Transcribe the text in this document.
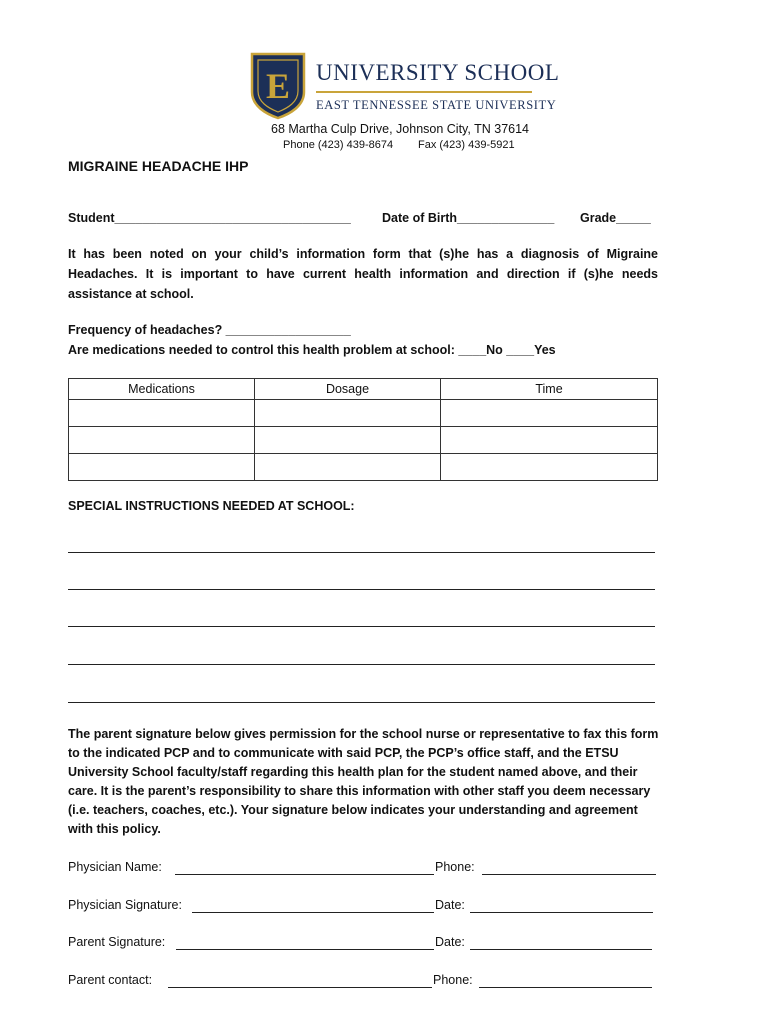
E UNIVERSITY SCHOOL
EAST TENNESSEE STATE UNIVERSITY
68 Martha Culp Drive, Johnson City, TN 37614
Phone (423) 439-8674 Fax (423) 439-5921
MIGRAINE HEADACHE IHP
Student__________________________________ Date of Birth______________ Grade_____
It has been noted on your child’s information form that (s)he has a diagnosis of Migraine Headaches. It is important to have current health information and direction if (s)he needs assistance at school.
Frequency of headaches? __________________
Are medications needed to control this health problem at school: ____No ____Yes
Medications	Dosage	Time

SPECIAL INSTRUCTIONS NEEDED AT SCHOOL:
The parent signature below gives permission for the school nurse or representative to fax this form to the indicated PCP and to communicate with said PCP, the PCP’s office staff, and the ETSU University School faculty/staff regarding this health plan for the student named above, and their care. It is the parent’s responsibility to share this information with other staff you deem necessary (i.e. teachers, coaches, etc.). Your signature below indicates your understanding and agreement with this policy.
Physician Name:	Phone:
Physician Signature:	Date:
Parent Signature:	Date:
Parent contact:	Phone:
